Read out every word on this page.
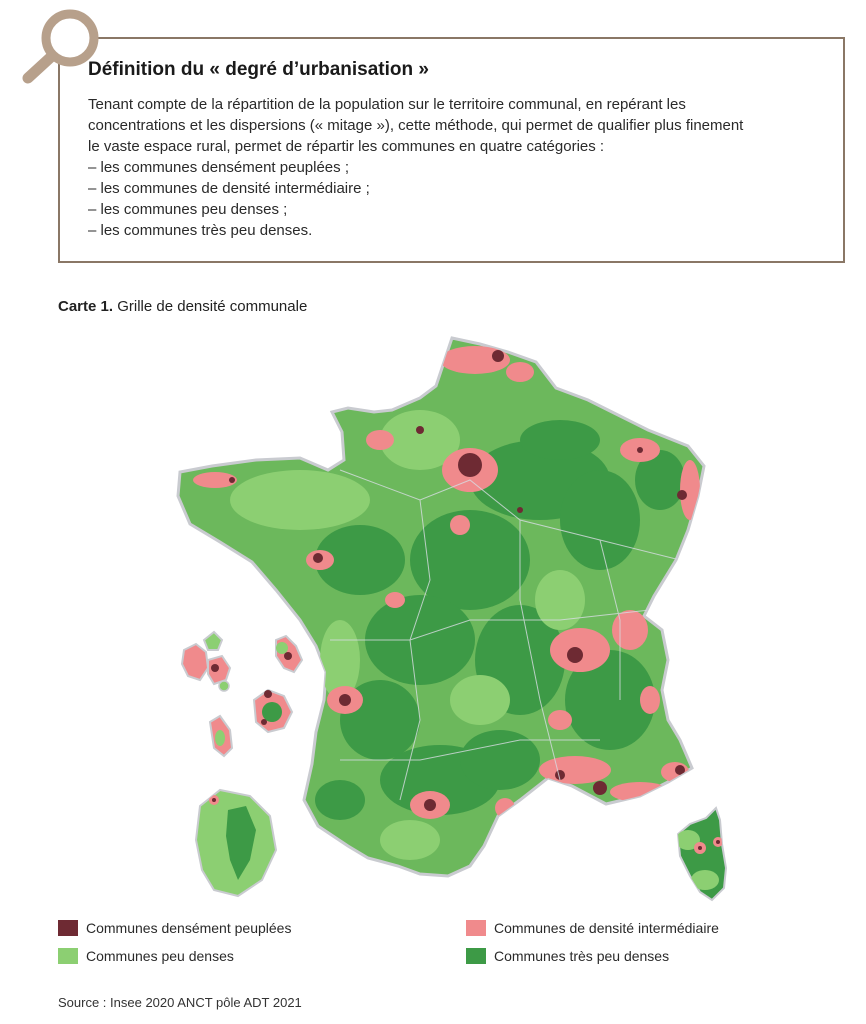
Définition du « degré d’urbanisation »

Tenant compte de la répartition de la population sur le territoire communal, en repérant les

concentrations et les dispersions (« mitage »), cette méthode, qui permet de qualifier plus finement

le vaste espace rural, permet de répartir les communes en quatre catégories :

– les communes densément peuplées ;
– les communes de densité intermédiaire ;
– les communes peu denses ;
– les communes très peu denses.
Carte 1. Grille de densité communale
Communes densément peuplées	Communes de densité intermédiaire
Communes peu denses	Communes très peu denses
Source : Insee 2020 ANCT pôle ADT 2021
